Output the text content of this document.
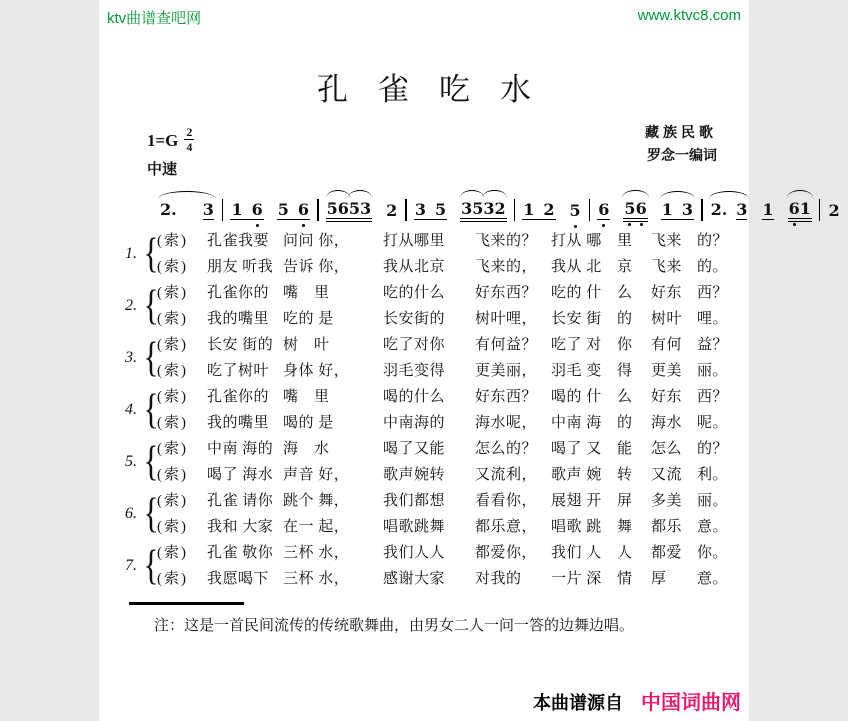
ktv曲谱查吧网	www.ktvc8.com
孔雀吃水
$1=G \frac{2}{4}$	藏族民歌
罗念一编词
中速
2. 3 1 6 5 6 56 53 2 3 5 35 32 1 2 5 6 5 6 1 3 2. 3 1 6 1 2
1. {
(索) 孔雀我要 问问 你， 打从哪里 飞来的？ 打从 哪 里 飞来 的？
(索) 朋友 听我 告诉 你， 我从北京 飞来的， 我从 北 京 飞来 的。
2. {
(索) 孔雀你的 嘴　里	吃的什么 好东西？ 吃的 什 么 好东 西？
(索) 我的嘴里 吃的 是	长安街的 树叶哩， 长安 街 的 树叶 哩。
3. {
(索) 长安 街的 树　叶	吃了对你 有何益？ 吃了 对 你 有何 益？
(索) 吃了树叶 身体 好， 羽毛变得 更美丽， 羽毛 变 得 更美 丽。
4. {
(索) 孔雀你的 嘴　里	喝的什么 好东西？ 喝的 什 么 好东 西？
(索) 我的嘴里 喝的 是	中南海的 海水呢， 中南 海 的 海水 呢。
5. {
(索) 中南 海的 海　水	喝了又能 怎么的？ 喝了 又 能 怎么 的？
(索) 喝了 海水 声音 好， 歌声婉转 又流利， 歌声 婉 转 又流 利。
6. {
(索) 孔雀 请你 跳个 舞， 我们都想 看看你， 展翅 开 屏 多美 丽。
(索) 我和 大家 在一 起， 唱歌跳舞 都乐意， 唱歌 跳 舞 都乐 意。
7. {
(索) 孔雀 敬你 三杯 水， 我们人人 都爱你， 我们 人 人 都爱 你。
(索) 我愿喝下 三杯 水， 感谢大家 对我的 一片 深 情 厚 意。
注：这是一首民间流传的传统歌舞曲，由男女二人一问一答的边舞边唱。
本曲谱源自 中国词曲网
